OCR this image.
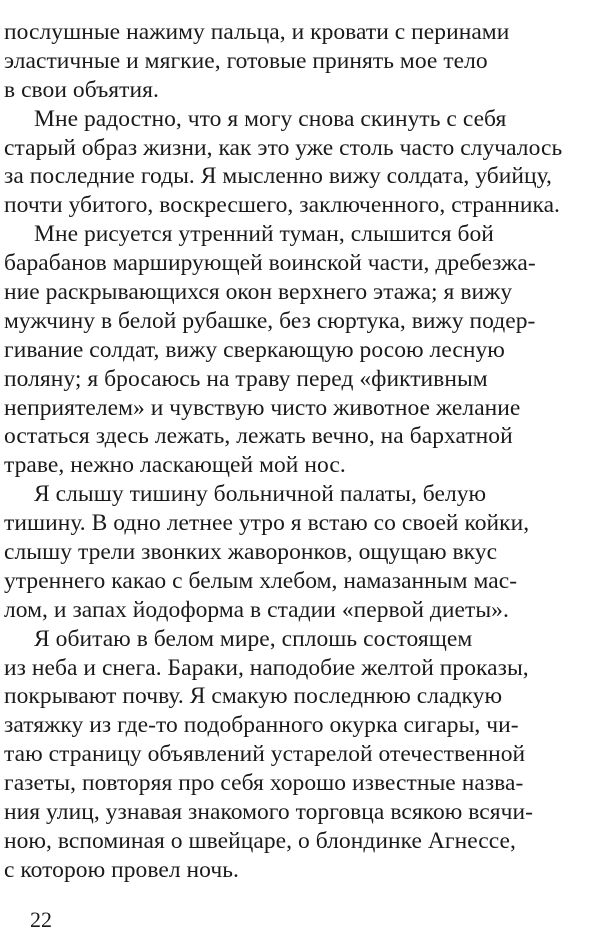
послушные нажиму пальца, и кровати с перинами
эластичные и мягкие, готовые принять мое тело
в свои объятия.
Мне радостно, что я могу снова скинуть с себя
старый образ жизни, как это уже столь часто случалось
за последние годы. Я мысленно вижу солдата, убийцу,
почти убитого, воскресшего, заключенного, странника.
Мне рисуется утренний туман, слышится бой
барабанов марширующей воинской части, дребезжа-
ние раскрывающихся окон верхнего этажа; я вижу
мужчину в белой рубашке, без сюртука, вижу подер-
гивание солдат, вижу сверкающую росою лесную
поляну; я бросаюсь на траву перед «фиктивным
неприятелем» и чувствую чисто животное желание
остаться здесь лежать, лежать вечно, на бархатной
траве, нежно ласкающей мой нос.
Я слышу тишину больничной палаты, белую
тишину. В одно летнее утро я встаю со своей койки,
слышу трели звонких жаворонков, ощущаю вкус
утреннего какао с белым хлебом, намазанным мас-
лом, и запах йодоформа в стадии «первой диеты».
Я обитаю в белом мире, сплошь состоящем
из неба и снега. Бараки, наподобие желтой проказы,
покрывают почву. Я смакую последнюю сладкую
затяжку из где-то подобранного окурка сигары, чи-
таю страницу объявлений устарелой отечественной
газеты, повторяя про себя хорошо известные назва-
ния улиц, узнавая знакомого торговца всякою всячи-
ною, вспоминая о швейцаре, о блондинке Агнессе,
с которою провел ночь.
22
